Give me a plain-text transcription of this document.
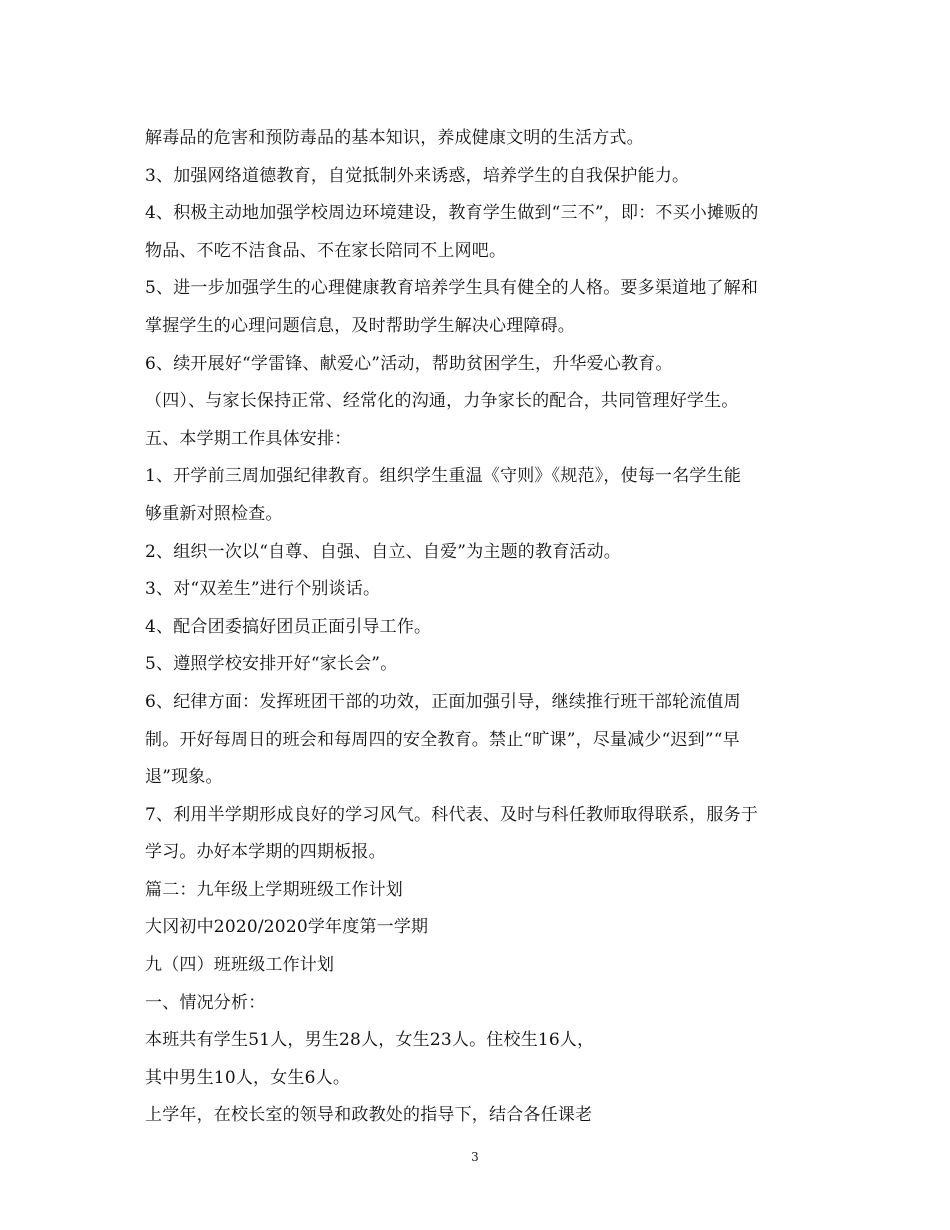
解毒品的危害和预防毒品的基本知识，养成健康文明的生活方式。
3、加强网络道德教育，自觉抵制外来诱惑，培养学生的自我保护能力。
4、积极主动地加强学校周边环境建设，教育学生做到“三不”，即：不买小摊贩的
物品、不吃不洁食品、不在家长陪同不上网吧。
5、进一步加强学生的心理健康教育培养学生具有健全的人格。要多渠道地了解和
掌握学生的心理问题信息，及时帮助学生解决心理障碍。
6、续开展好“学雷锋、献爱心”活动，帮助贫困学生，升华爱心教育。
（四）、与家长保持正常、经常化的沟通，力争家长的配合，共同管理好学生。
五、本学期工作具体安排：
1、开学前三周加强纪律教育。组织学生重温《守则》《规范》，使每一名学生能
够重新对照检查。
2、组织一次以“自尊、自强、自立、自爱”为主题的教育活动。
3、对“双差生”进行个别谈话。
4、配合团委搞好团员正面引导工作。
5、遵照学校安排开好“家长会”。
6、纪律方面：发挥班团干部的功效，正面加强引导，继续推行班干部轮流值周
制。开好每周日的班会和每周四的安全教育。禁止“旷课”，尽量减少“迟到”“早
退”现象。
7、利用半学期形成良好的学习风气。科代表、及时与科任教师取得联系，服务于
学习。办好本学期的四期板报。
篇二：九年级上学期班级工作计划
大冈初中2020/2020学年度第一学期
九（四）班班级工作计划
一、情况分析：
本班共有学生51人，男生28人，女生23人。住校生16人，
其中男生10人，女生6人。
上学年，在校长室的领导和政教处的指导下，结合各任课老
3
